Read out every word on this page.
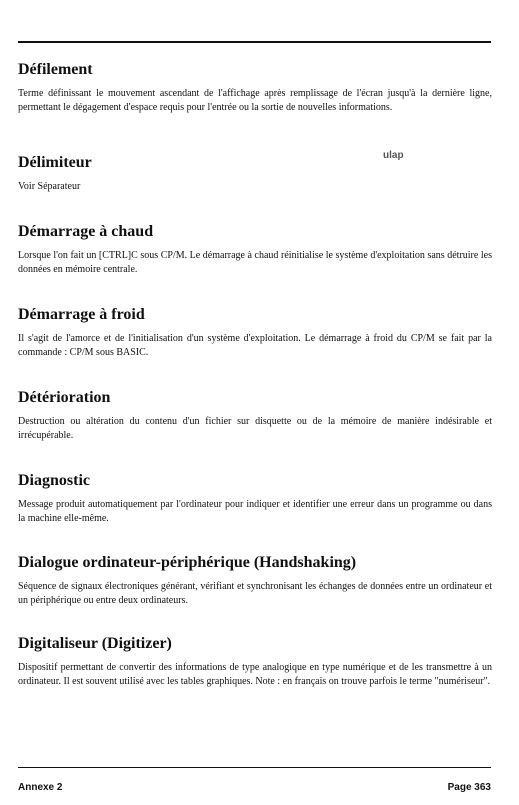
Défilement

Terme définissant le mouvement ascendant de l'affichage après remplissage de l'écran jusqu'à la dernière ligne, permettant le dégagement d'espace requis pour l'entrée ou la sortie de nouvelles informations.

ulap
Délimiteur

Voir Séparateur

Démarrage à chaud

Lorsque l'on fait un [CTRL]C sous CP/M. Le démarrage à chaud réinitialise le système d'exploitation sans détruire les données en mémoire centrale.

Démarrage à froid

Il s'agit de l'amorce et de l'initialisation d'un système d'exploitation. Le démarrage à froid du CP/M se fait par la commande : CP/M sous BASIC.

Détérioration

Destruction ou altération du contenu d'un fichier sur disquette ou de la mémoire de manière indésirable et irrécupérable.

Diagnostic

Message produit automatiquement par l'ordinateur pour indiquer et identifier une erreur dans un programme ou dans la machine elle-même.

Dialogue ordinateur-périphérique (Handshaking)

Séquence de signaux électroniques générant, vérifiant et synchronisant les échanges de données entre un ordinateur et un périphérique ou entre deux ordinateurs.

Digitaliseur (Digitizer)

Dispositif permettant de convertir des informations de type analogique en type numérique et de les transmettre à un ordinateur. Il est souvent utilisé avec les tables graphiques. Note : en français on trouve parfois le terme "numériseur".

Annexe 2	Page 363
